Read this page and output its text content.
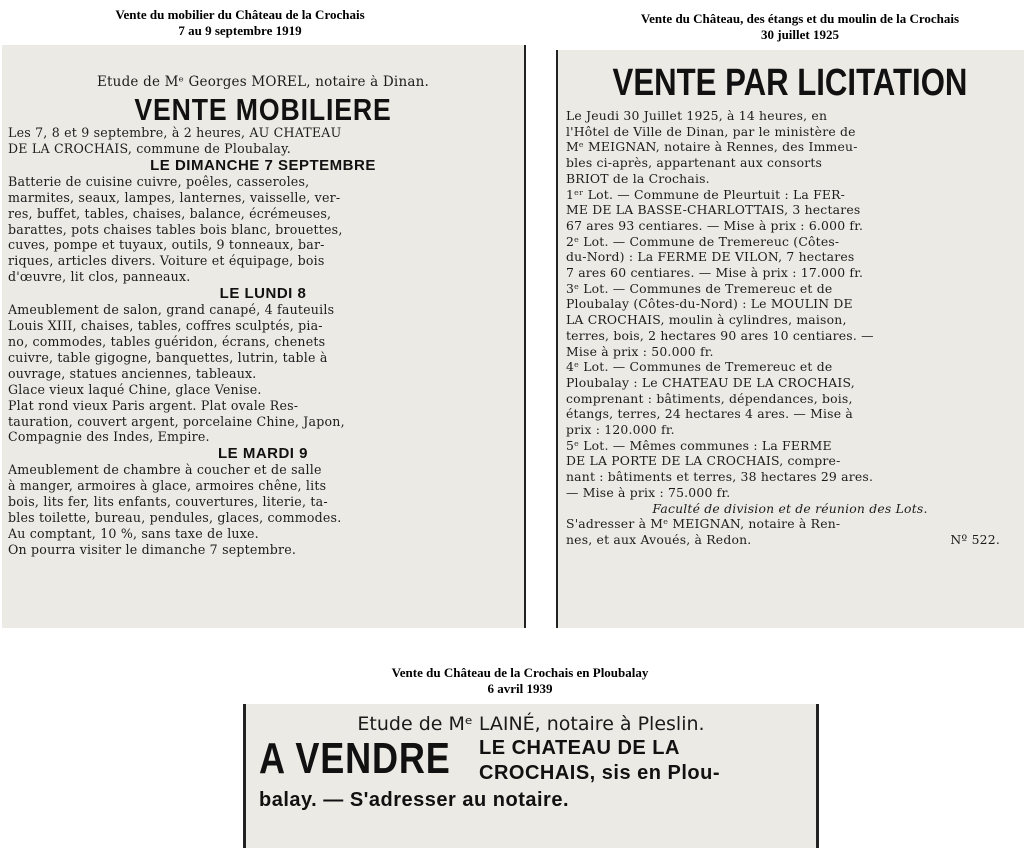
Vente du mobilier du Château de la Crochais
7 au 9 septembre 1919
Vente du Château, des étangs et du moulin de la Crochais
30 juillet 1925
Vente du Château de la Crochais en Ploubalay
6 avril 1939
Etude de Mᵉ Georges MOREL, notaire à Dinan.
VENTE MOBILIERE
Les 7, 8 et 9 septembre, à 2 heures, AU CHATEAU
DE LA CROCHAIS, commune de Ploubalay.
LE DIMANCHE 7 SEPTEMBRE
Batterie de cuisine cuivre, poêles, casseroles,
marmites, seaux, lampes, lanternes, vaisselle, ver-
res, buffet, tables, chaises, balance, écrémeuses,
barattes, pots chaises tables bois blanc, brouettes,
cuves, pompe et tuyaux, outils, 9 tonneaux, bar-
riques, articles divers. Voiture et équipage, bois
d'œuvre, lit clos, panneaux.
LE LUNDI 8
Ameublement de salon, grand canapé, 4 fauteuils
Louis XIII, chaises, tables, coffres sculptés, pia-
no, commodes, tables guéridon, écrans, chenets
cuivre, table gigogne, banquettes, lutrin, table à
ouvrage, statues anciennes, tableaux.
Glace vieux laqué Chine, glace Venise.
Plat rond vieux Paris argent. Plat ovale Res-
tauration, couvert argent, porcelaine Chine, Japon,
Compagnie des Indes, Empire.
LE MARDI 9
Ameublement de chambre à coucher et de salle
à manger, armoires à glace, armoires chêne, lits
bois, lits fer, lits enfants, couvertures, literie, ta-
bles toilette, bureau, pendules, glaces, commodes.
Au comptant, 10 %, sans taxe de luxe.
On pourra visiter le dimanche 7 septembre.
VENTE PAR LICITATION
Le Jeudi 30 Juillet 1925, à 14 heures, en
l'Hôtel de Ville de Dinan, par le ministère de
Mᵉ MEIGNAN, notaire à Rennes, des Immeu-
bles ci-après, appartenant aux consorts
BRIOT de la Crochais.
1ᵉʳ Lot. — Commune de Pleurtuit : La FER-
ME DE LA BASSE-CHARLOTTAIS, 3 hectares
67 ares 93 centiares. — Mise à prix : 6.000 fr.
2ᵉ Lot. — Commune de Tremereuc (Côtes-
du-Nord) : La FERME DE VILON, 7 hectares
7 ares 60 centiares. — Mise à prix : 17.000 fr.
3ᵉ Lot. — Communes de Tremereuc et de
Ploubalay (Côtes-du-Nord) : Le MOULIN DE
LA CROCHAIS, moulin à cylindres, maison,
terres, bois, 2 hectares 90 ares 10 centiares. —
Mise à prix : 50.000 fr.
4ᵉ Lot. — Communes de Tremereuc et de
Ploubalay : Le CHATEAU DE LA CROCHAIS,
comprenant : bâtiments, dépendances, bois,
étangs, terres, 24 hectares 4 ares. — Mise à
prix : 120.000 fr.
5ᵉ Lot. — Mêmes communes : La FERME
DE LA PORTE DE LA CROCHAIS, compre-
nant : bâtiments et terres, 38 hectares 29 ares.
— Mise à prix : 75.000 fr.
Faculté de division et de réunion des Lots.
S'adresser à Mᵉ MEIGNAN, notaire à Ren-
nes, et aux Avoués, à Redon.	Nº 522.
Etude de Mᵉ LAINÉ, notaire à Pleslin.
A VENDRE LE CHATEAU DE LA
CROCHAIS, sis en Plou-
balay. — S'adresser au notaire.
